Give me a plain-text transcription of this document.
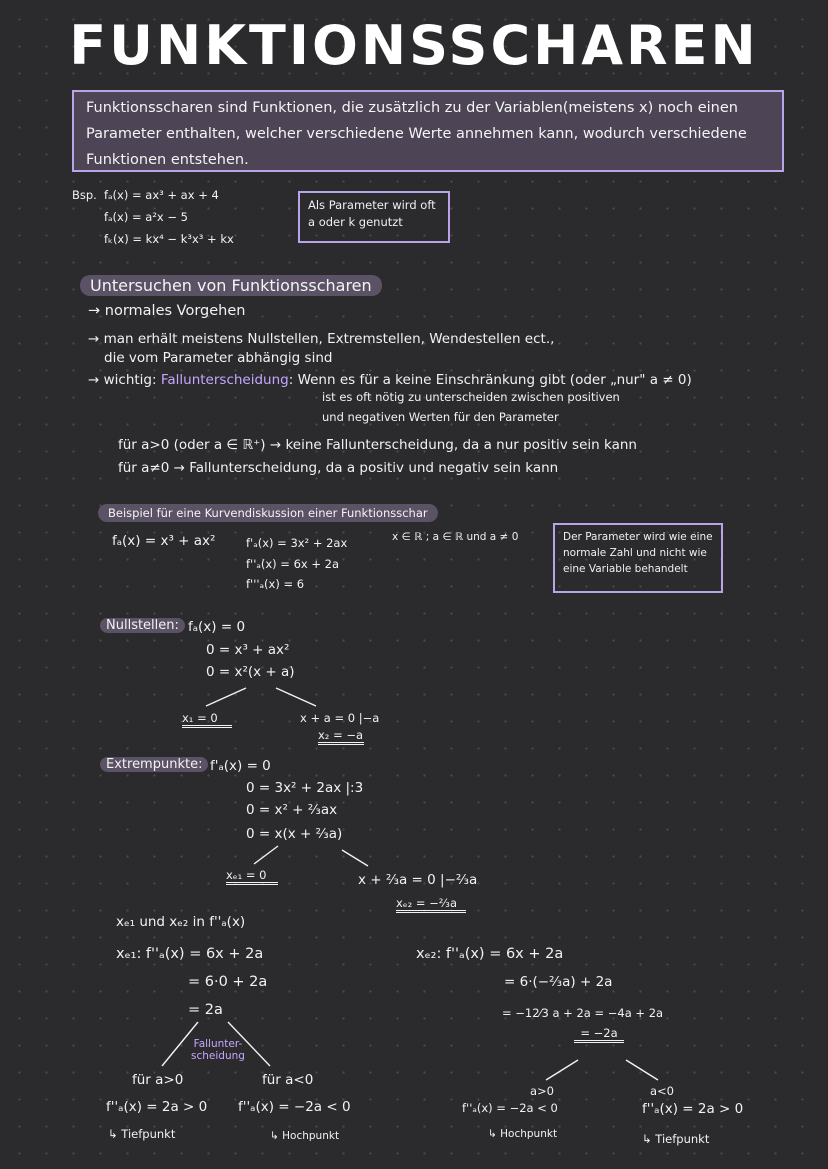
FUNKTIONSSCHAREN
Funktionsscharen sind Funktionen, die zusätzlich zu der Variablen(meistens x) noch einen Parameter enthalten, welcher verschiedene Werte annehmen kann, wodurch verschiedene Funktionen entstehen.
Bsp. fₐ(x) = ax³ + ax + 4
fₐ(x) = a²x − 5
fₖ(x) = kx⁴ − k³x³ + kx
Als Parameter wird oft a oder k genutzt
Untersuchen von Funktionsscharen
→ normales Vorgehen
→ man erhält meistens Nullstellen, Extremstellen, Wendestellen ect.,
die vom Parameter abhängig sind
→ wichtig: Fallunterscheidung: Wenn es für a keine Einschränkung gibt (oder „nur" a ≠ 0)
ist es oft nötig zu unterscheiden zwischen positiven
und negativen Werten für den Parameter
für a>0 (oder a ∈ ℝ⁺) → keine Fallunterscheidung, da a nur positiv sein kann
für a≠0 → Fallunterscheidung, da a positiv und negativ sein kann
Beispiel für eine Kurvendiskussion einer Funktionsschar
fₐ(x) = x³ + ax²	f'ₐ(x) = 3x² + 2ax
f''ₐ(x) = 6x + 2a
f'''ₐ(x) = 6
x ∈ ℝ ; a ∈ ℝ und a ≠ 0	Der Parameter wird wie eine normale Zahl und nicht wie eine Variable behandelt
Nullstellen: fₐ(x) = 0
0 = x³ + ax²
0 = x²(x + a)
x₁ = 0	x + a = 0 |−a
x₂ = −a
Extrempunkte: f'ₐ(x) = 0
0 = 3x² + 2ax |:3
0 = x² + ⅔ax
0 = x(x + ⅔a)
xₑ₁ = 0	x + ⅔a = 0 |−⅔a
xₑ₂ = −⅔a
xₑ₁ und xₑ₂ in f''ₐ(x)
xₑ₁: f''ₐ(x) = 6x + 2a
= 6·0 + 2a
= 2a
Fallunter-scheidung
für a>0
f''ₐ(x) = 2a > 0
↳ Tiefpunkt
für a<0
f''ₐ(x) = −2a < 0
↳ Hochpunkt
xₑ₂: f''ₐ(x) = 6x + 2a
= 6·(−⅔a) + 2a
= −12⁄3 a + 2a = −4a + 2a
= −2a
a>0
f''ₐ(x) = −2a < 0
↳ Hochpunkt
a<0
f''ₐ(x) = 2a > 0
↳ Tiefpunkt
